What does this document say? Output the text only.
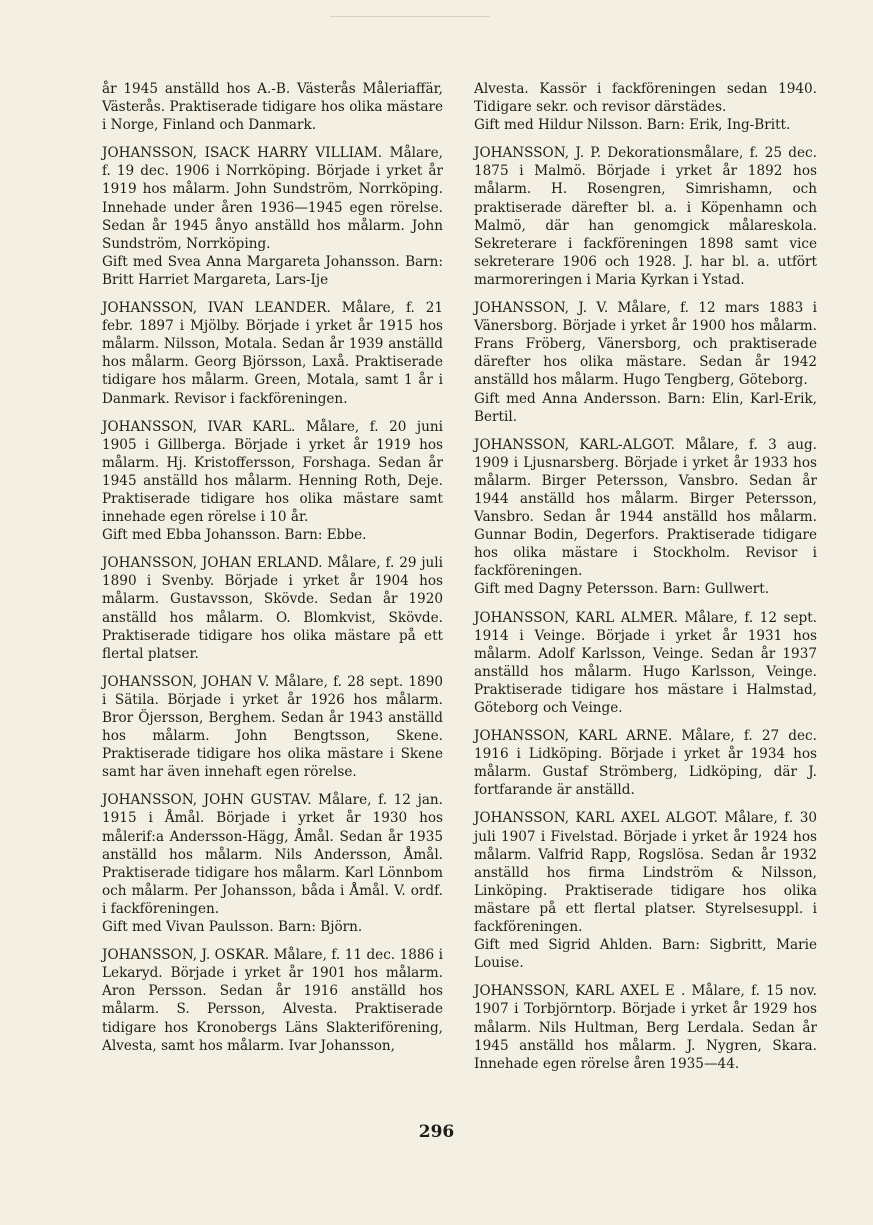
år 1945 anställd hos A.-B. Västerås Måleriaffär, Västerås. Praktiserade tidigare hos olika mästare i Norge, Finland och Danmark.

JOHANSSON, ISACK HARRY VILLIAM. Målare, f. 19 dec. 1906 i Norrköping. Började i yrket år 1919 hos målarm. John Sundström, Norrköping. Innehade under åren 1936—1945 egen rörelse. Sedan år 1945 ånyo anställd hos målarm. John Sundström, Norrköping.

Gift med Svea Anna Margareta Johansson. Barn: Britt Harriet Margareta, Lars-Ije

JOHANSSON, IVAN LEANDER. Målare, f. 21 febr. 1897 i Mjölby. Började i yrket år 1915 hos målarm. Nilsson, Motala. Sedan år 1939 anställd hos målarm. Georg Björsson, Laxå. Praktiserade tidigare hos målarm. Green, Motala, samt 1 år i Danmark. Revisor i fackföreningen.

JOHANSSON, IVAR KARL. Målare, f. 20 juni 1905 i Gillberga. Började i yrket år 1919 hos målarm. Hj. Kristoffersson, Forshaga. Sedan år 1945 anställd hos målarm. Henning Roth, Deje. Praktiserade tidigare hos olika mästare samt innehade egen rörelse i 10 år.

Gift med Ebba Johansson. Barn: Ebbe.

JOHANSSON, JOHAN ERLAND. Målare, f. 29 juli 1890 i Svenby. Började i yrket år 1904 hos målarm. Gustavsson, Skövde. Sedan år 1920 anställd hos målarm. O. Blomkvist, Skövde. Praktiserade tidigare hos olika mästare på ett flertal platser.

JOHANSSON, JOHAN V. Målare, f. 28 sept. 1890 i Sätila. Började i yrket år 1926 hos målarm. Bror Öjersson, Berghem. Sedan år 1943 anställd hos målarm. John Bengtsson, Skene. Praktiserade tidigare hos olika mästare i Skene samt har även innehaft egen rörelse.

JOHANSSON, JOHN GUSTAV. Målare, f. 12 jan. 1915 i Åmål. Började i yrket år 1930 hos målerif:a Andersson-Hägg, Åmål. Sedan år 1935 anställd hos målarm. Nils Andersson, Åmål. Praktiserade tidigare hos målarm. Karl Lönnbom och målarm. Per Johansson, båda i Åmål. V. ordf. i fackföreningen.

Gift med Vivan Paulsson. Barn: Björn.

JOHANSSON, J. OSKAR. Målare, f. 11 dec. 1886 i Lekaryd. Började i yrket år 1901 hos målarm. Aron Persson. Sedan år 1916 anställd hos målarm. S. Persson, Alvesta. Praktiserade tidigare hos Kronobergs Läns Slakteriförening, Alvesta, samt hos målarm. Ivar Johansson,

Alvesta. Kassör i fackföreningen sedan 1940. Tidigare sekr. och revisor därstädes.

Gift med Hildur Nilsson. Barn: Erik, Ing-Britt.

JOHANSSON, J. P. Dekorationsmålare, f. 25 dec. 1875 i Malmö. Började i yrket år 1892 hos målarm. H. Rosengren, Simrishamn, och praktiserade därefter bl. a. i Köpenhamn och Malmö, där han genomgick målareskola. Sekreterare i fackföreningen 1898 samt vice sekreterare 1906 och 1928. J. har bl. a. utfört marmoreringen i Maria Kyrkan i Ystad.

JOHANSSON, J. V. Målare, f. 12 mars 1883 i Vänersborg. Började i yrket år 1900 hos målarm. Frans Fröberg, Vänersborg, och praktiserade därefter hos olika mästare. Sedan år 1942 anställd hos målarm. Hugo Tengberg, Göteborg.

Gift med Anna Andersson. Barn: Elin, Karl-Erik, Bertil.

JOHANSSON, KARL-ALGOT. Målare, f. 3 aug. 1909 i Ljusnarsberg. Började i yrket år 1933 hos målarm. Birger Petersson, Vansbro. Sedan år 1944 anställd hos målarm. Birger Petersson, Vansbro. Sedan år 1944 anställd hos målarm. Gunnar Bodin, Degerfors. Praktiserade tidigare hos olika mästare i Stockholm. Revisor i fackföreningen.

Gift med Dagny Petersson. Barn: Gullwert.

JOHANSSON, KARL ALMER. Målare, f. 12 sept. 1914 i Veinge. Började i yrket år 1931 hos målarm. Adolf Karlsson, Veinge. Sedan år 1937 anställd hos målarm. Hugo Karlsson, Veinge. Praktiserade tidigare hos mästare i Halmstad, Göteborg och Veinge.

JOHANSSON, KARL ARNE. Målare, f. 27 dec. 1916 i Lidköping. Började i yrket år 1934 hos målarm. Gustaf Strömberg, Lidköping, där J. fortfarande är anställd.

JOHANSSON, KARL AXEL ALGOT. Målare, f. 30 juli 1907 i Fivelstad. Började i yrket år 1924 hos målarm. Valfrid Rapp, Rogslösa. Sedan år 1932 anställd hos firma Lindström & Nilsson, Linköping. Praktiserade tidigare hos olika mästare på ett flertal platser. Styrelsesuppl. i fackföreningen.

Gift med Sigrid Ahlden. Barn: Sigbritt, Marie Louise.

JOHANSSON, KARL AXEL E . Målare, f. 15 nov. 1907 i Torbjörntorp. Började i yrket år 1929 hos målarm. Nils Hultman, Berg Lerdala. Sedan år 1945 anställd hos målarm. J. Nygren, Skara. Innehade egen rörelse åren 1935—44.

296
